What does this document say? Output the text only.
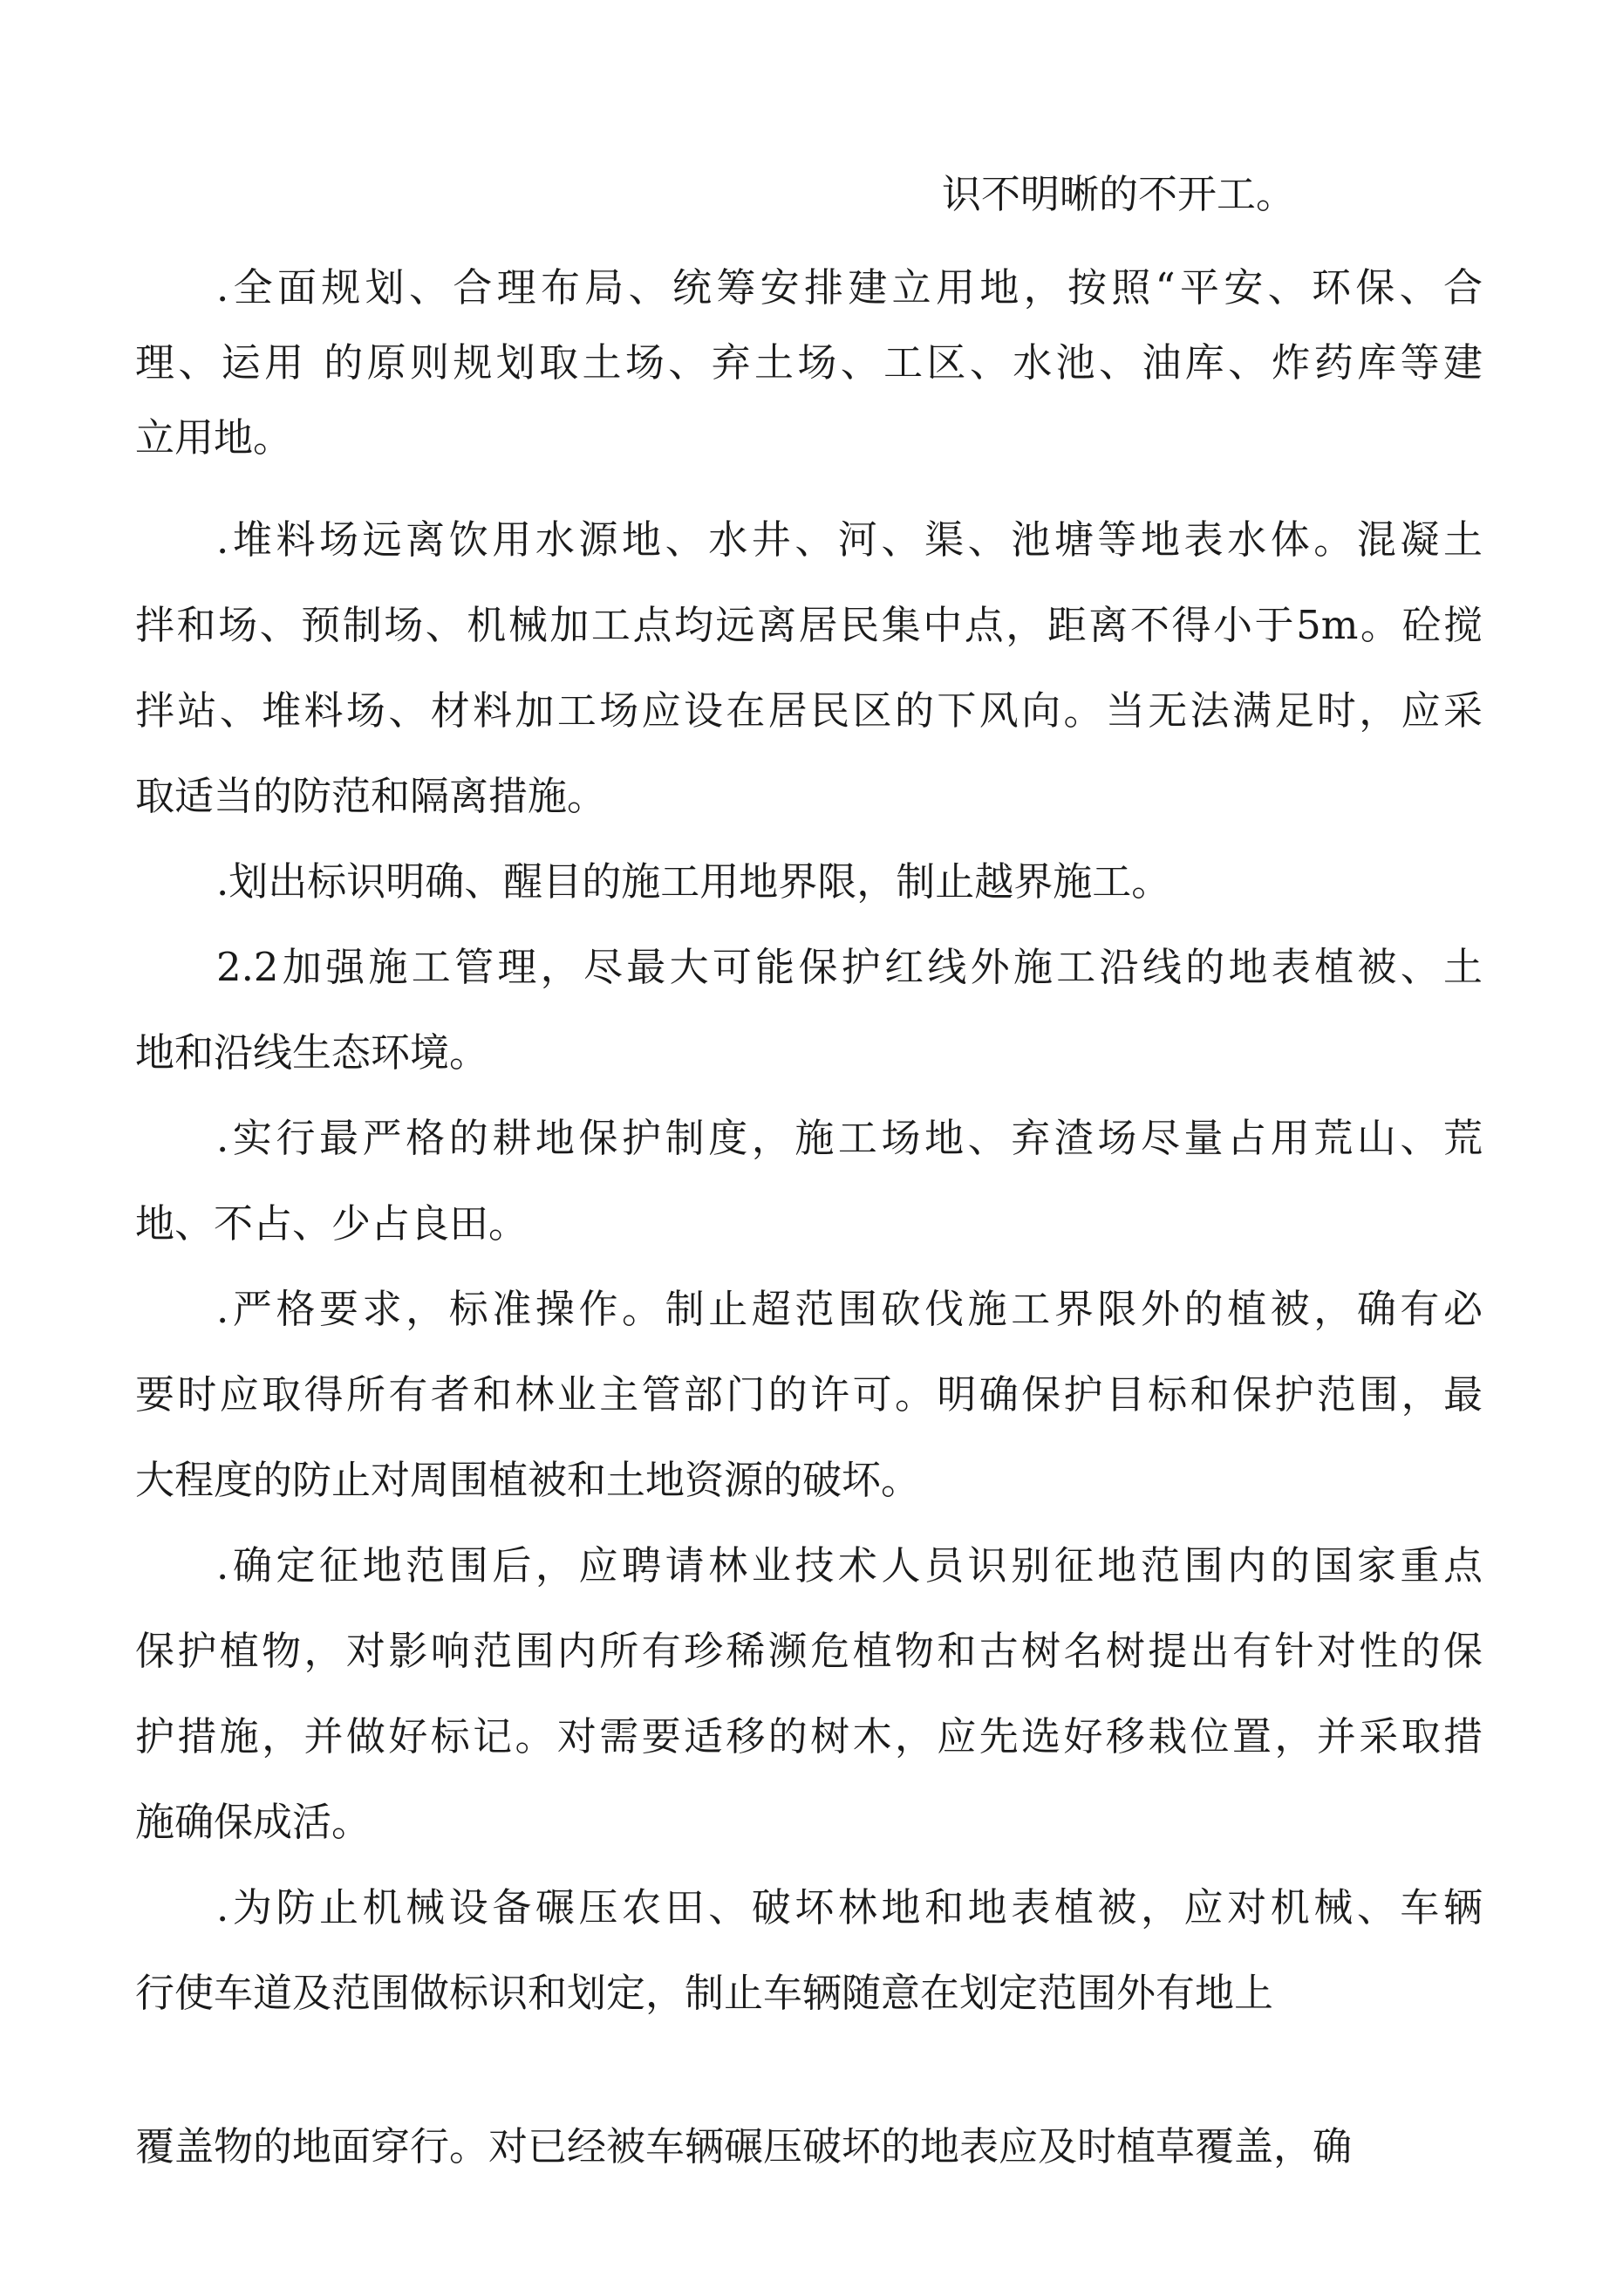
识不明晰的不开工。

.全面规划、合理布局、统筹安排建立用地，按照“平安、环保、合

理、运用 的原则规划取土场、弃土场、工区、水池、油库、炸药库等建

立用地。

.堆料场远离饮用水源地、水井、河、渠、池塘等地表水体。混凝土

拌和场、预制场、机械加工点均远离居民集中点，距离不得小于5m。砼搅

拌站、堆料场、材料加工场应设在居民区的下风向。当无法满足时，应采

取适当的防范和隔离措施。

.划出标识明确、醒目的施工用地界限，制止越界施工。

2.2加强施工管理，尽最大可能保护红线外施工沿线的地表植被、土

地和沿线生态环境。

.实行最严格的耕地保护制度，施工场地、弃渣场尽量占用荒山、荒

地、不占、少占良田。

.严格要求，标准操作。制止超范围砍伐施工界限外的植被，确有必

要时应取得所有者和林业主管部门的许可。明确保护目标和保护范围，最

大程度的防止对周围植被和土地资源的破坏。

.确定征地范围后，应聘请林业技术人员识别征地范围内的国家重点

保护植物，对影响范围内所有珍稀濒危植物和古树名树提出有针对性的保

护措施，并做好标记。对需要适移的树木，应先选好移栽位置，并采取措

施确保成活。

.为防止机械设备碾压农田、破坏林地和地表植被，应对机械、车辆

行使车道及范围做标识和划定，制止车辆随意在划定范围外有地上

覆盖物的地面穿行。对已经被车辆碾压破坏的地表应及时植草覆盖，确
